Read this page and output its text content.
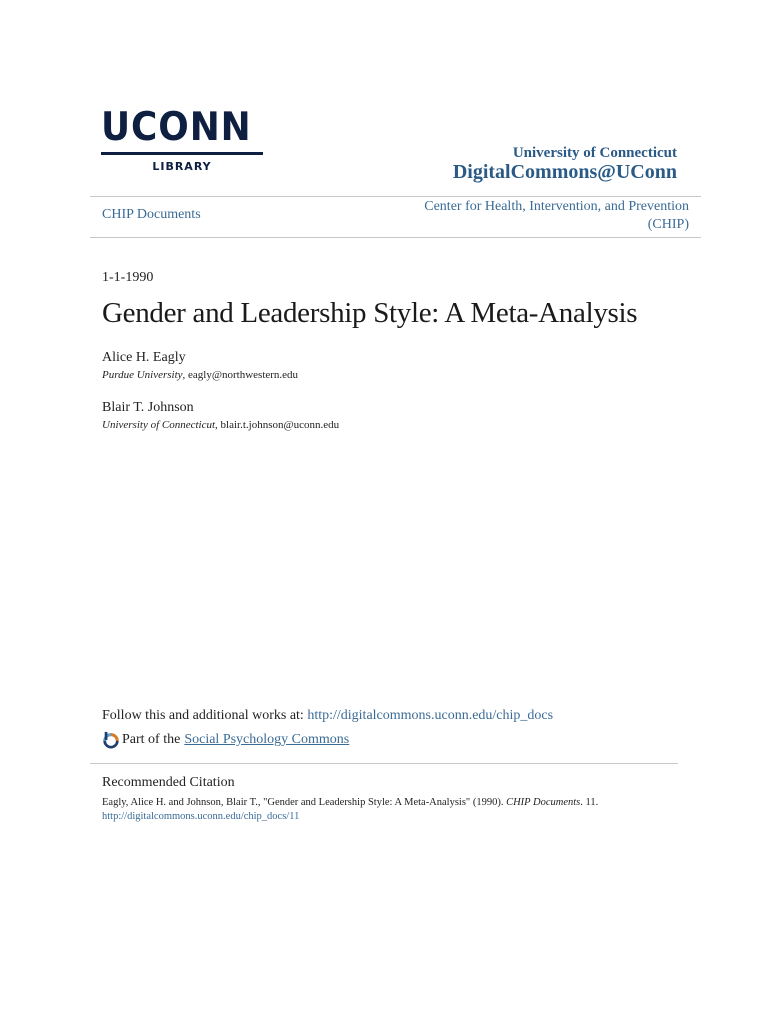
UCONN
LIBRARY
University of Connecticut
DigitalCommons@UConn
CHIP Documents
Center for Health, Intervention, and Prevention
(CHIP)
1-1-1990
Gender and Leadership Style: A Meta-Analysis
Alice H. Eagly
Purdue University, eagly@northwestern.edu
Blair T. Johnson
University of Connecticut, blair.t.johnson@uconn.edu
Follow this and additional works at: http://digitalcommons.uconn.edu/chip_docs
Part of the Social Psychology Commons
Recommended Citation
Eagly, Alice H. and Johnson, Blair T., "Gender and Leadership Style: A Meta-Analysis" (1990). CHIP Documents. 11.
http://digitalcommons.uconn.edu/chip_docs/11
